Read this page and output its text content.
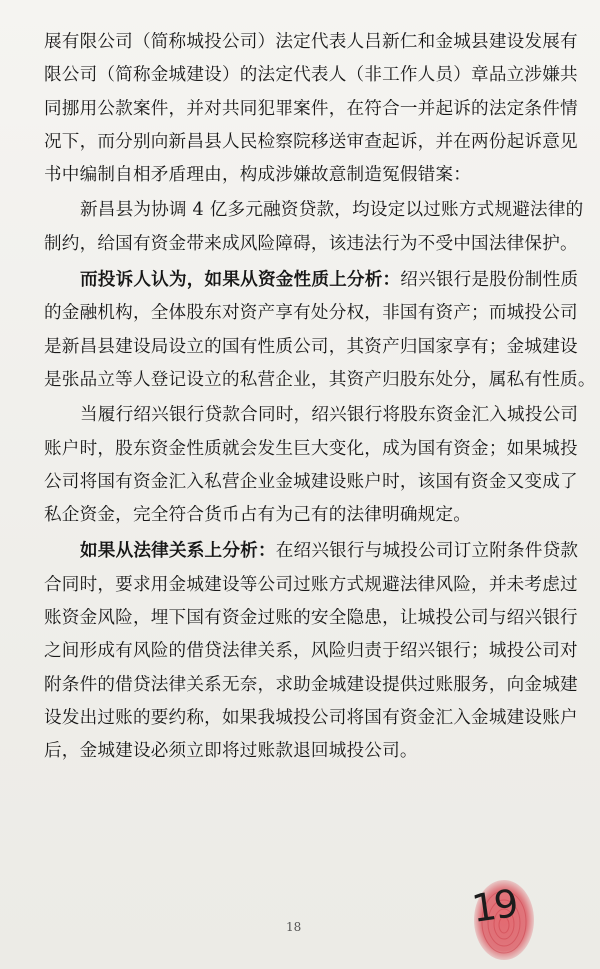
展有限公司（简称城投公司）法定代表人吕新仁和金城县建设发展有
限公司（简称金城建设）的法定代表人（非工作人员）章品立涉嫌共
同挪用公款案件，并对共同犯罪案件，在符合一并起诉的法定条件情
况下，而分别向新昌县人民检察院移送审查起诉，并在两份起诉意见
书中编制自相矛盾理由，构成涉嫌故意制造冤假错案：
新昌县为协调 4 亿多元融资贷款，均设定以过账方式规避法律的
制约，给国有资金带来成风险障碍，该违法行为不受中国法律保护。
而投诉人认为，如果从资金性质上分析：绍兴银行是股份制性质
的金融机构，全体股东对资产享有处分权，非国有资产；而城投公司
是新昌县建设局设立的国有性质公司，其资产归国家享有；金城建设
是张品立等人登记设立的私营企业，其资产归股东处分，属私有性质。
当履行绍兴银行贷款合同时，绍兴银行将股东资金汇入城投公司
账户时，股东资金性质就会发生巨大变化，成为国有资金；如果城投
公司将国有资金汇入私营企业金城建设账户时，该国有资金又变成了
私企资金，完全符合货币占有为己有的法律明确规定。
如果从法律关系上分析：在绍兴银行与城投公司订立附条件贷款
合同时，要求用金城建设等公司过账方式规避法律风险，并未考虑过
账资金风险，埋下国有资金过账的安全隐患，让城投公司与绍兴银行
之间形成有风险的借贷法律关系，风险归责于绍兴银行；城投公司对
附条件的借贷法律关系无奈，求助金城建设提供过账服务，向金城建
设发出过账的要约称，如果我城投公司将国有资金汇入金城建设账户
后，金城建设必须立即将过账款退回城投公司。
18	19
